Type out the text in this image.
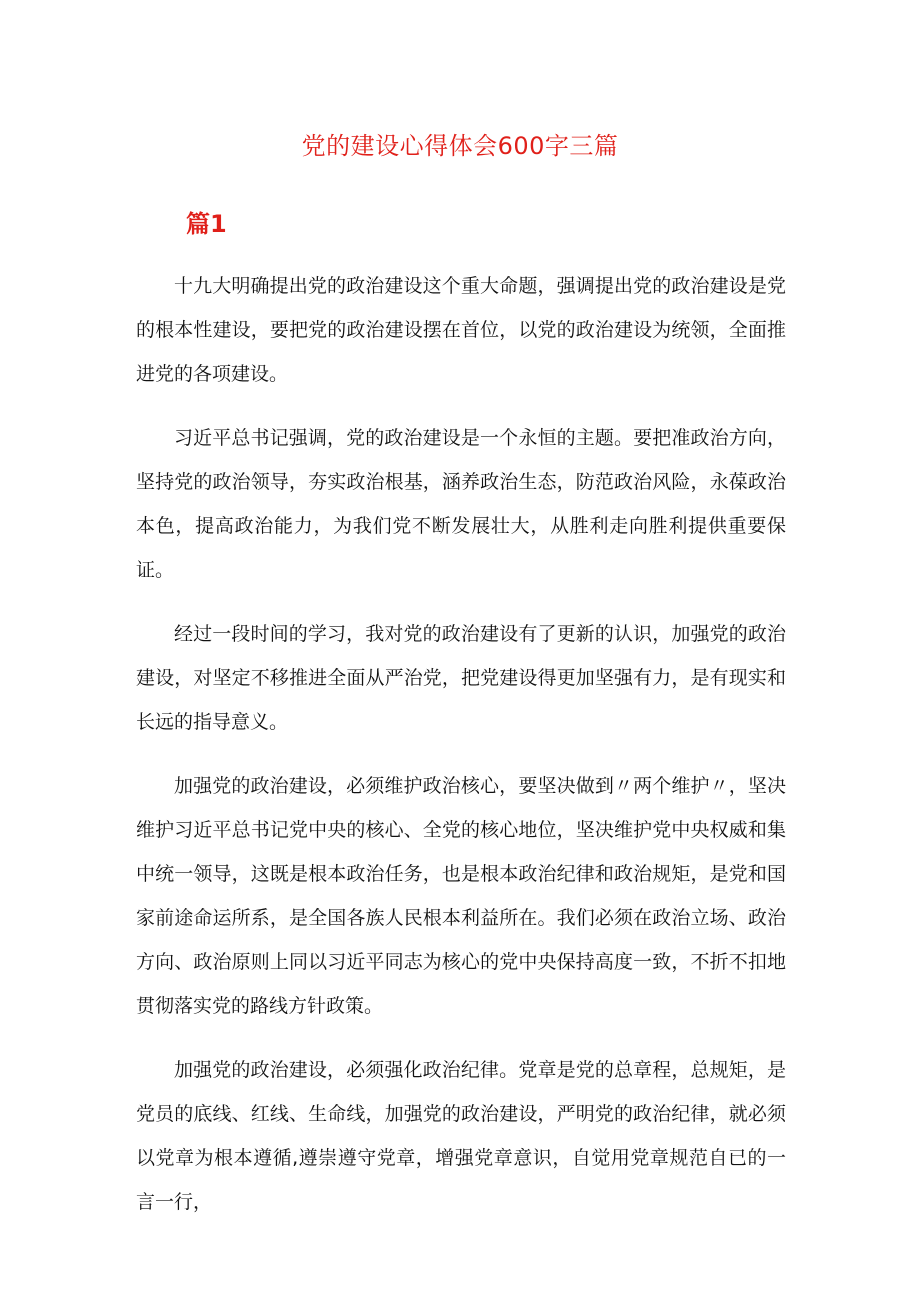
党的建设心得体会600字三篇
篇1

十九大明确提出党的政治建设这个重大命题，强调提出党的政治建设是党的根本性建设，要把党的政治建设摆在首位，以党的政治建设为统领，全面推进党的各项建设。

习近平总书记强调，党的政治建设是一个永恒的主题。要把准政治方向，坚持党的政治领导，夯实政治根基，涵养政治生态，防范政治风险，永葆政治本色，提高政治能力，为我们党不断发展壮大，从胜利走向胜利提供重要保证。

经过一段时间的学习，我对党的政治建设有了更新的认识，加强党的政治建设，对坚定不移推进全面从严治党，把党建设得更加坚强有力，是有现实和长远的指导意义。

加强党的政治建设，必须维护政治核心，要坚决做到〃两个维护〃，坚决维护习近平总书记党中央的核心、全党的核心地位，坚决维护党中央权威和集中统一领导，这既是根本政治任务，也是根本政治纪律和政治规矩，是党和国家前途命运所系，是全国各族人民根本利益所在。我们必须在政治立场、政治方向、政治原则上同以习近平同志为核心的党中央保持高度一致，不折不扣地贯彻落实党的路线方针政策。

加强党的政治建设，必须强化政治纪律。党章是党的总章程，总规矩，是党员的底线、红线、生命线，加强党的政治建设，严明党的政治纪律，就必须以党章为根本遵循,遵崇遵守党章，增强党章意识，自觉用党章规范自已的一言一行，
